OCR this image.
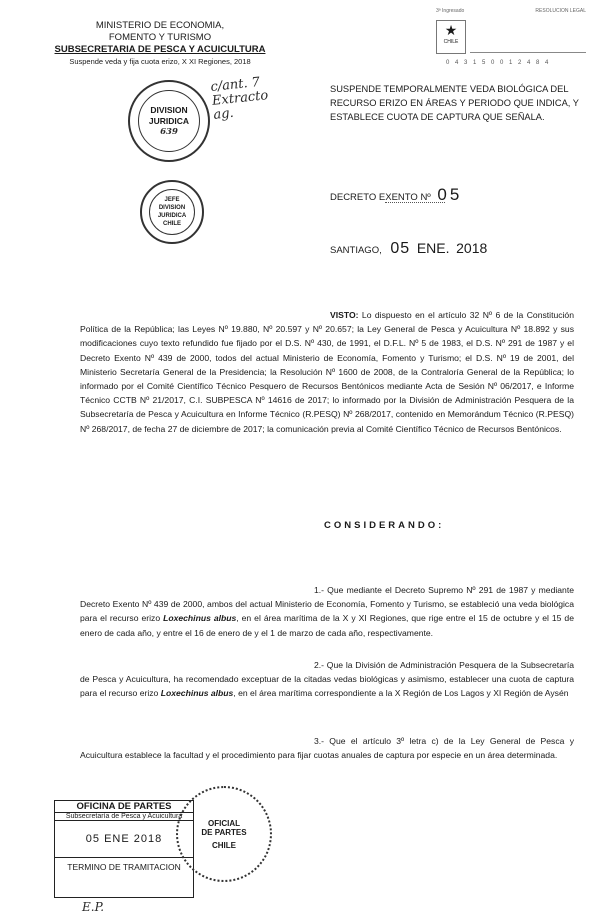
MINISTERIO DE ECONOMIA,
FOMENTO Y TURISMO
SUBSECRETARIA DE PESCA Y ACUICULTURA
Suspende veda y fija cuota erizo, X XI Regiones, 2018
3ª Ingresado	RESOLUCION LEGAL
★
CHILE
0 4 3 1 5 0 0 1 2 4 8 4
DIVISION
JURIDICA
639
c/ant. 7
Extracto
ag.
JEFE
DIVISION
JURIDICA
CHILE
SUSPENDE TEMPORALMENTE VEDA BIOLÓGICA DEL RECURSO ERIZO EN ÁREAS Y PERIODO QUE INDICA, Y ESTABLECE CUOTA DE CAPTURA QUE SEÑALA.
DECRETO EXENTO Nº 05
SANTIAGO, 05 ENE. 2018
VISTO: Lo dispuesto en el artículo 32 Nº 6 de la Constitución Política de la República; las Leyes Nº 19.880, Nº 20.597 y Nº 20.657; la Ley General de Pesca y Acuicultura Nº 18.892 y sus modificaciones cuyo texto refundido fue fijado por el D.S. Nº 430, de 1991, el D.F.L. Nº 5 de 1983, el D.S. Nº 291 de 1987 y el Decreto Exento Nº 439 de 2000, todos del actual Ministerio de Economía, Fomento y Turismo; el D.S. Nº 19 de 2001, del Ministerio Secretaría General de la Presidencia; la Resolución Nº 1600 de 2008, de la Contraloría General de la República; lo informado por el Comité Científico Técnico Pesquero de Recursos Bentónicos mediante Acta de Sesión Nº 06/2017, e Informe Técnico CCTB Nº 21/2017, C.I. SUBPESCA Nº 14616 de 2017; lo informado por la División de Administración Pesquera de la Subsecretaría de Pesca y Acuicultura en Informe Técnico (R.PESQ) Nº 268/2017, contenido en Memorándum Técnico (R.PESQ) Nº 268/2017, de fecha 27 de diciembre de 2017; la comunicación previa al Comité Científico Técnico de Recursos Bentónicos.
CONSIDERANDO:
1.- Que mediante el Decreto Supremo Nº 291 de 1987 y mediante Decreto Exento Nº 439 de 2000, ambos del actual Ministerio de Economía, Fomento y Turismo, se estableció una veda biológica para el recurso erizo Loxechinus albus, en el área marítima de la X y XI Regiones, que rige entre el 15 de octubre y el 15 de enero de cada año, y entre el 16 de enero de y el 1 de marzo de cada año, respectivamente.
2.- Que la División de Administración Pesquera de la Subsecretaría de Pesca y Acuicultura, ha recomendado exceptuar de la citadas vedas biológicas y asimismo, establecer una cuota de captura para el recurso erizo Loxechinus albus, en el área marítima correspondiente a la X Región de Los Lagos y XI Región de Aysén
3.- Que el artículo 3º letra c) de la Ley General de Pesca y Acuicultura establece la facultad y el procedimiento para fijar cuotas anuales de captura por especie en un área determinada.
OFICINA DE PARTES
Subsecretaría de Pesca y Acuicultura
05 ENE 2018
TERMINO DE TRAMITACION
OFICIAL
DE PARTES
CHILE
E.P.
